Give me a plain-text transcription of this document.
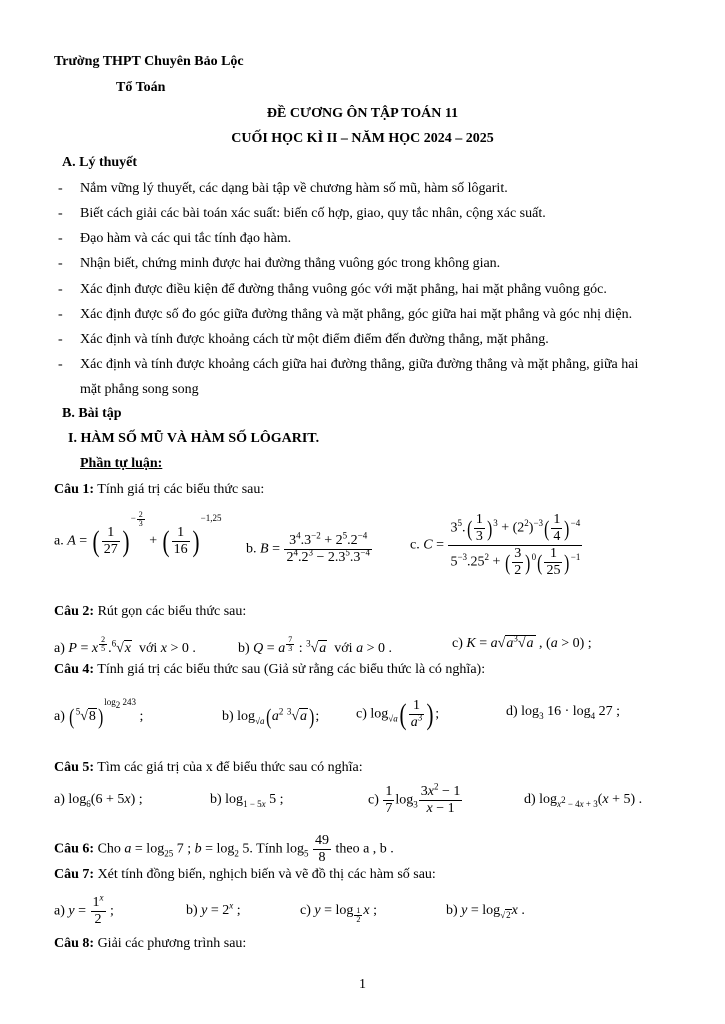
Trường THPT Chuyên Bảo Lộc
Tổ Toán
ĐỀ CƯƠNG ÔN TẬP TOÁN 11
CUỐI HỌC KÌ II – NĂM HỌC 2024 – 2025
A. Lý thuyết
- Nắm vững lý thuyết, các dạng bài tập về chương hàm số mũ, hàm số lôgarit.
- Biết cách giải các bài toán xác suất: biến cố hợp, giao, quy tắc nhân, cộng xác suất.
- Đạo hàm và các qui tắc tính đạo hàm.
- Nhận biết, chứng minh được hai đường thẳng vuông góc trong không gian.
- Xác định được điều kiện để đường thẳng vuông góc với mặt phẳng, hai mặt phẳng vuông góc.
- Xác định được số đo góc giữa đường thẳng và mặt phẳng, góc giữa hai mặt phẳng và góc nhị diện.
- Xác định và tính được khoảng cách từ một điểm điểm đến đường thẳng, mặt phẳng.
- Xác định và tính được khoảng cách giữa hai đường thẳng, giữa đường thẳng và mặt phẳng, giữa hai
mặt phẳng song song
B. Bài tập
I. HÀM SỐ MŨ VÀ HÀM SỐ LÔGARIT.
Phần tự luận:
Câu 1: Tính giá trị các biểu thức sau:
a. A = ( $\frac{1}{27} )^{- \frac{2}{3}}$
+ ( $\frac{1}{16} )^{-1,25}$
b. $B = \frac{3^4.3^{-2} + 2^5.2^{-4}}{2^4.2^3 - 2.3^5.3^{-4}}$	c. $C = \frac{3^5.( \frac{1}{3} )^3 + (2^2)^{-3}( \frac{1}{4} )^{-4}}{5^{-3}.25^2 + ( \frac{3}{2} )^0( \frac{1}{25} )^{-1}}$
Câu 2: Rút gọn các biểu thức sau:
a) P = x $^{\frac{2}{5}}$ .$^6$√x với x > 0 .	b) Q = a $^{\frac{7}{3}}$ : $^3$√a với a > 0 .	c) $K = a√a^3√a$ , (a > 0) ;
Câu 4: Tính giá trị các biểu thức sau (Giả sử rằng các biểu thức là có nghĩa):
a) $(^5√8)^{log_2 243}$ ;	b) $\log_{√a}(a^2$ $^3$√a);	c) $\log_{√a}( \frac{1}{a^3}$ ) ;	d) $\log_3 16 \cdot \log_4 27$ ;
Câu 5: Tìm các giá trị của x để biểu thức sau có nghĩa:
a) $\log_6(6 + 5x)$ ;	b) $\log_{1 - 5x} 5$ ;	$c) \frac{1}{7} \log_3 \frac{3x^2 - 1}{x - 1}$	d) $\log_{x^2 - 4x + 3}(x + 5)$ .
Câu 6: Cho $a = \log_{25} 7$ ; $b = \log_2 5$. Tính $\log_5 \frac{49}{8}$ theo a , b .
Câu 7: Xét tính đồng biến, nghịch biến và vẽ đồ thị các hàm số sau:
a) $y = \frac{1^x}{2}$ ;	b) $y = 2^x$ ;	c) y = log $_{\frac{1}{2}}$ x ;	b) $y = \log_{√2}x$ .
Câu 8: Giải các phương trình sau:
1
